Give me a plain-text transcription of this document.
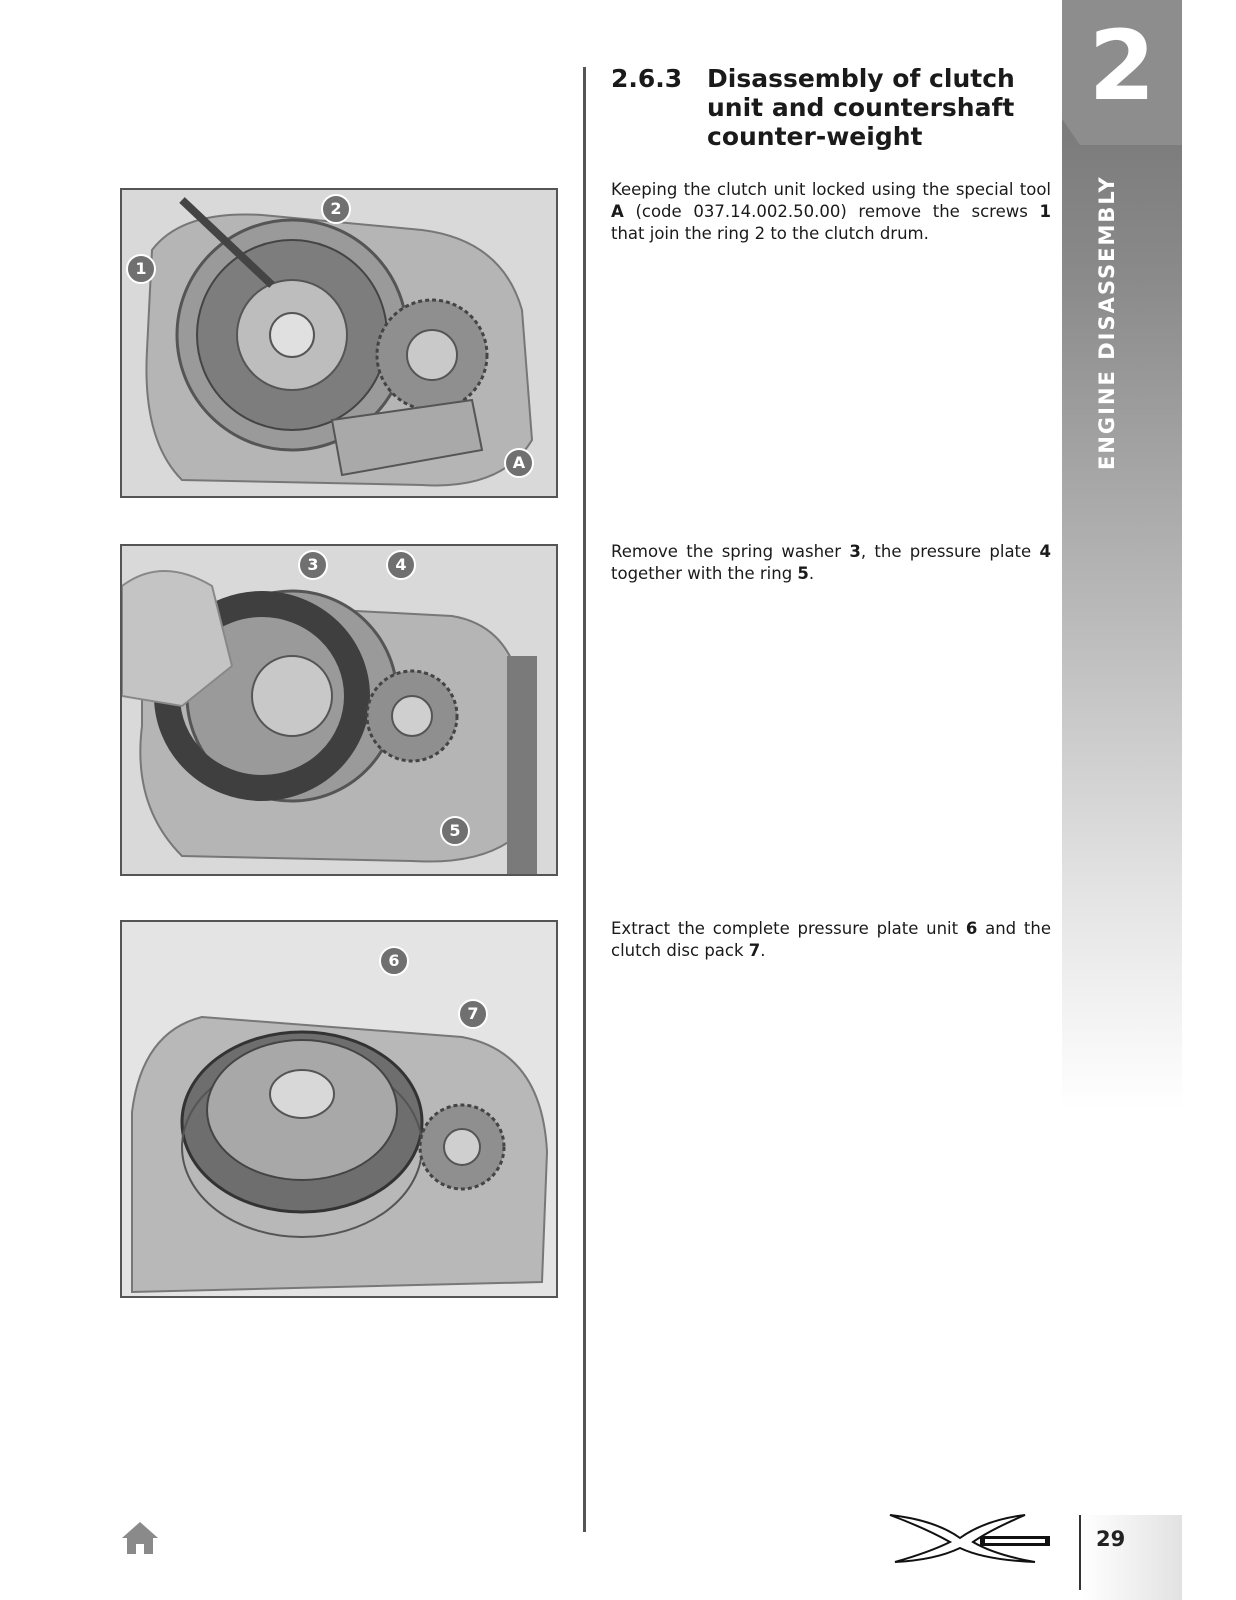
2
ENGINE DISASSEMBLY
2.6.3 Disassembly of clutch unit and countershaft counter-weight
Keeping the clutch unit locked using the special tool A (code 037.14.002.50.00) remove the screws 1 that join the ring 2 to the clutch drum.
Remove the spring washer 3, the pressure plate 4 together with the ring 5.
Extract the complete pressure plate unit 6 and the clutch disc pack 7.
2
1
A
3	4
5
6
7
29
